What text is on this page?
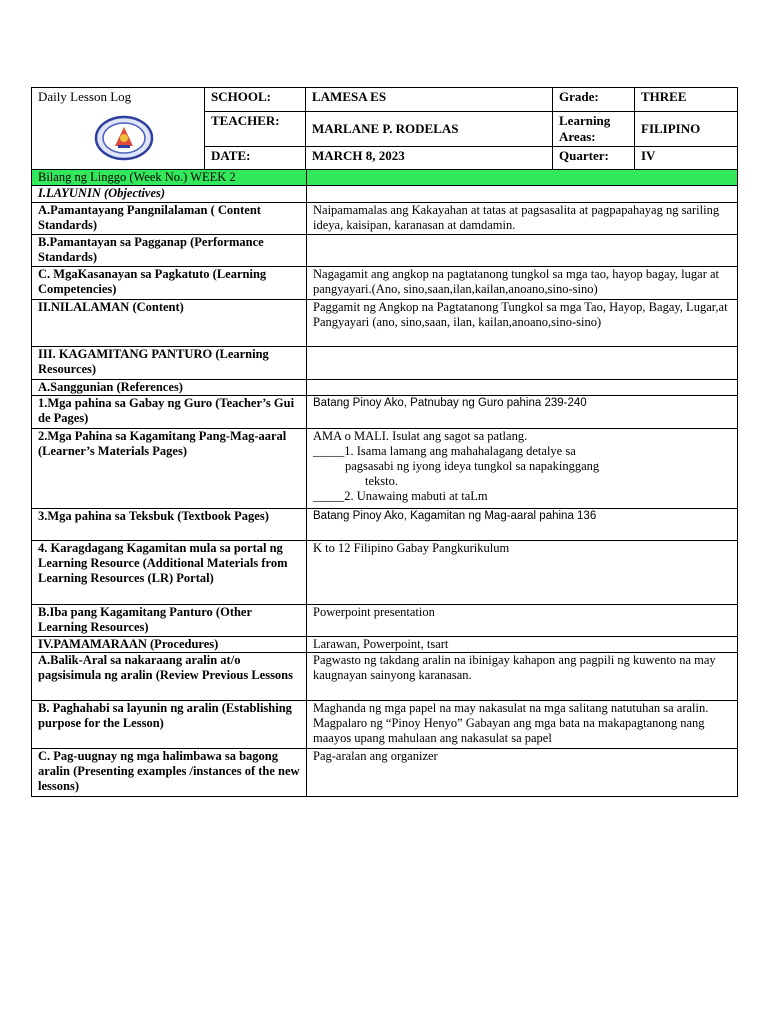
Daily Lesson Log	SCHOOL:	LAMESA ES	Grade:	THREE
	TEACHER:	MARLANE P. RODELAS	Learning Areas:	FILIPINO
	DATE:	MARCH 8, 2023	Quarter:	IV
Bilang ng Linggo (Week No.) WEEK 2	
I.LAYUNIN (Objectives)	
A.Pamantayang Pangnilalaman ( Content Standards)	Naipamamalas ang Kakayahan at tatas at pagsasalita at pagpapahayag ng sariling ideya, kaisipan, karanasan at damdamin.
B.Pamantayan sa Pagganap (Performance Standards)	
C. MgaKasanayan sa Pagkatuto (Learning Competencies)	Nagagamit ang angkop na pagtatanong tungkol sa mga tao, hayop bagay, lugar at pangyayari.(Ano, sino,saan,ilan,kailan,anoano,sino-sino)
II.NILALAMAN (Content)	Paggamit ng Angkop na Pagtatanong Tungkol sa mga Tao, Hayop, Bagay, Lugar,at Pangyayari (ano, sino,saan, ilan, kailan,anoano,sino-sino)
III. KAGAMITANG PANTURO (Learning Resources)	
A.Sanggunian (References)	
1.Mga pahina sa Gabay ng Guro (Teacher’s Gui de Pages)	Batang Pinoy Ako, Patnubay ng Guro pahina 239-240
2.Mga Pahina sa Kagamitang Pang-Mag-aaral (Learner’s Materials Pages)	AMA o MALI. Isulat ang sagot sa patlang.
_____1. Isama lamang ang mahahalagang detalye sa
pagsasabi ng iyong ideya tungkol sa napakinggang
teksto.
_____2. Unawaing mabuti at taLm

3.Mga pahina sa Teksbuk (Textbook Pages)	Batang Pinoy Ako, Kagamitan ng Mag-aaral pahina 136
4. Karagdagang Kagamitan mula sa portal ng Learning Resource (Additional Materials from Learning Resources (LR) Portal)	K to 12 Filipino Gabay Pangkurikulum
B.Iba pang Kagamitang Panturo (Other Learning Resources)	Powerpoint presentation
IV.PAMAMARAAN (Procedures)	Larawan, Powerpoint, tsart
A.Balik-Aral sa nakaraang aralin at/o pagsisimula ng aralin (Review Previous Lessons	Pagwasto ng takdang aralin na ibinigay kahapon ang pagpili ng kuwento na may kaugnayan sainyong karanasan.
B. Paghahabi sa layunin ng aralin (Establishing purpose for the Lesson)	Maghanda ng mga papel na may nakasulat na mga salitang natutuhan sa aralin. Magpalaro ng “Pinoy Henyo” Gabayan ang mga bata na makapagtanong nang maayos upang mahulaan ang nakasulat sa papel
C. Pag-uugnay ng mga halimbawa sa bagong aralin (Presenting examples /instances of the new lessons)	Pag-aralan ang organizer
